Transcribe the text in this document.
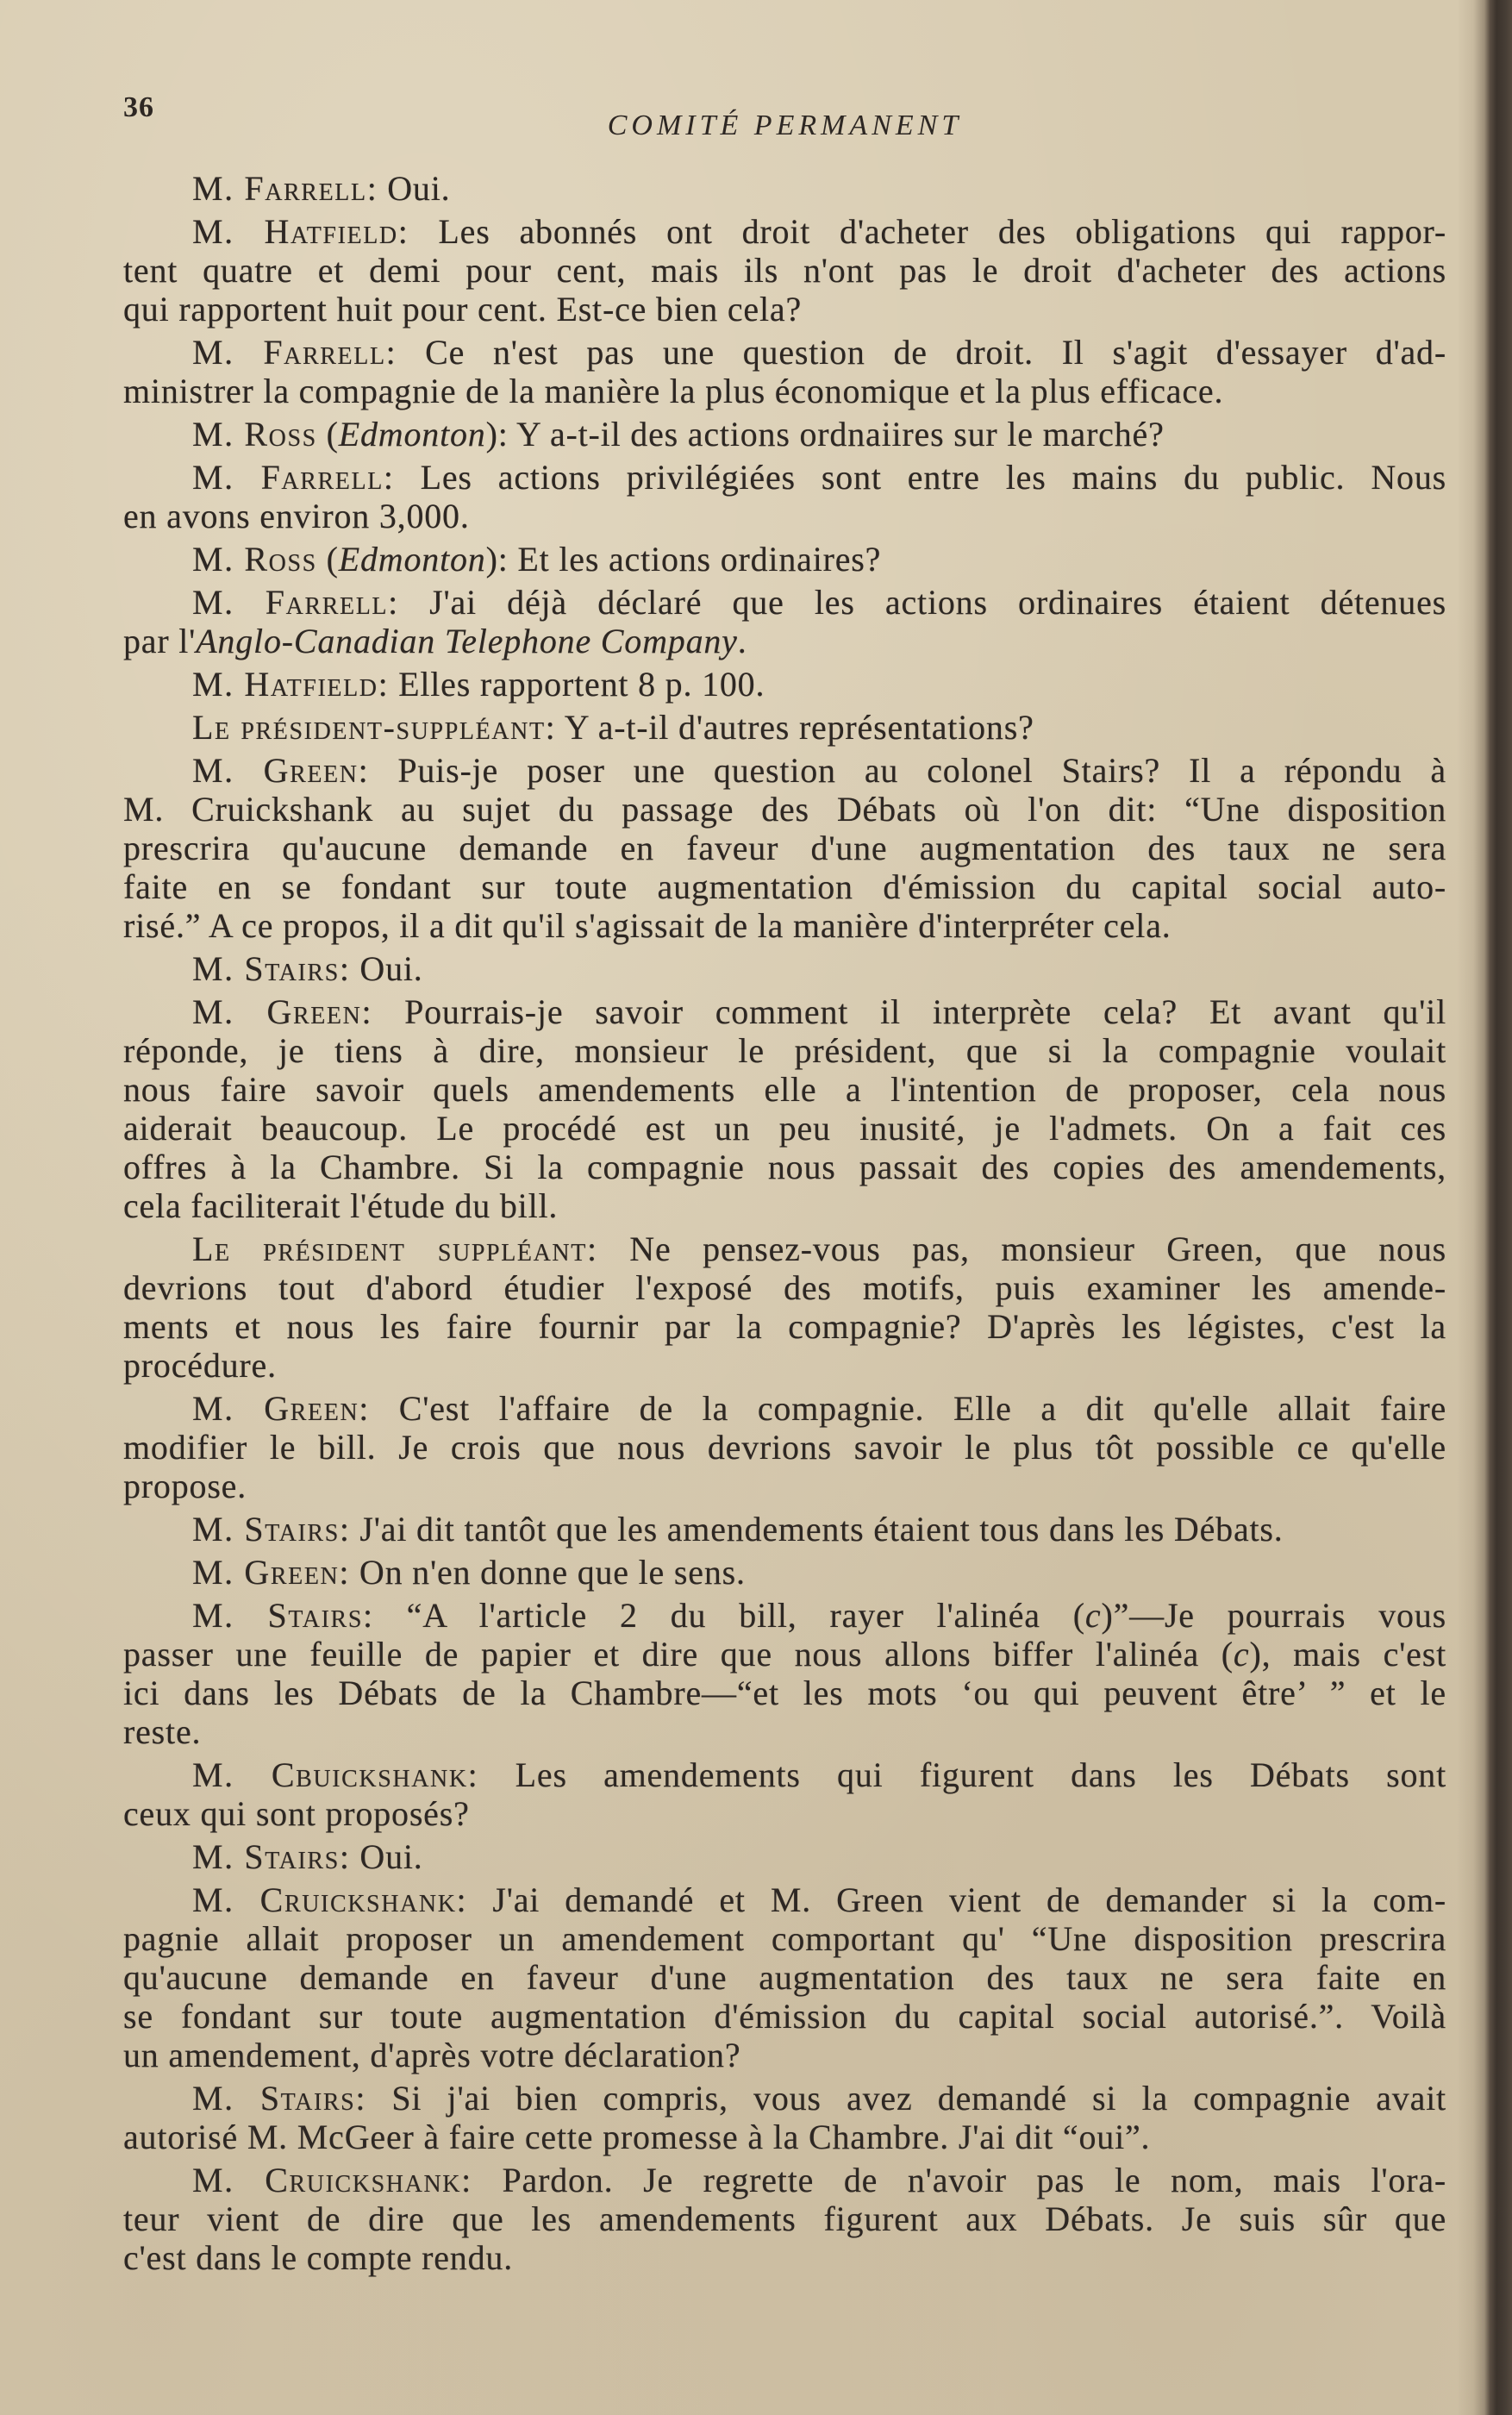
36
COMITÉ PERMANENT
M. Farrell: Oui.
M. Hatfield: Les abonnés ont droit d'acheter des obligations qui rappor-
tent quatre et demi pour cent, mais ils n'ont pas le droit d'acheter des actions
qui rapportent huit pour cent. Est-ce bien cela?
M. Farrell: Ce n'est pas une question de droit. Il s'agit d'essayer d'ad-
ministrer la compagnie de la manière la plus économique et la plus efficace.
M. Ross (Edmonton): Y a-t-il des actions ordnaiires sur le marché?
M. Farrell: Les actions privilégiées sont entre les mains du public. Nous
en avons environ 3,000.
M. Ross (Edmonton): Et les actions ordinaires?
M. Farrell: J'ai déjà déclaré que les actions ordinaires étaient détenues
par l'Anglo-Canadian Telephone Company.
M. Hatfield: Elles rapportent 8 p. 100.
Le président-suppléant: Y a-t-il d'autres représentations?
M. Green: Puis-je poser une question au colonel Stairs? Il a répondu à
M. Cruickshank au sujet du passage des Débats où l'on dit: “Une disposition
prescrira qu'aucune demande en faveur d'une augmentation des taux ne sera
faite en se fondant sur toute augmentation d'émission du capital social auto-
risé.” A ce propos, il a dit qu'il s'agissait de la manière d'interpréter cela.
M. Stairs: Oui.
M. Green: Pourrais-je savoir comment il interprète cela? Et avant qu'il
réponde, je tiens à dire, monsieur le président, que si la compagnie voulait
nous faire savoir quels amendements elle a l'intention de proposer, cela nous
aiderait beaucoup. Le procédé est un peu inusité, je l'admets. On a fait ces
offres à la Chambre. Si la compagnie nous passait des copies des amendements,
cela faciliterait l'étude du bill.
Le président suppléant: Ne pensez-vous pas, monsieur Green, que nous
devrions tout d'abord étudier l'exposé des motifs, puis examiner les amende-
ments et nous les faire fournir par la compagnie? D'après les légistes, c'est la
procédure.
M. Green: C'est l'affaire de la compagnie. Elle a dit qu'elle allait faire
modifier le bill. Je crois que nous devrions savoir le plus tôt possible ce qu'elle
propose.
M. Stairs: J'ai dit tantôt que les amendements étaient tous dans les Débats.
M. Green: On n'en donne que le sens.
M. Stairs: “A l'article 2 du bill, rayer l'alinéa (c)”—Je pourrais vous
passer une feuille de papier et dire que nous allons biffer l'alinéa (c), mais c'est
ici dans les Débats de la Chambre—“et les mots ‘ou qui peuvent être’ ” et le
reste.
M. Cbuickshank: Les amendements qui figurent dans les Débats sont
ceux qui sont proposés?
M. Stairs: Oui.
M. Cruickshank: J'ai demandé et M. Green vient de demander si la com-
pagnie allait proposer un amendement comportant qu' “Une disposition prescrira
qu'aucune demande en faveur d'une augmentation des taux ne sera faite en
se fondant sur toute augmentation d'émission du capital social autorisé.”. Voilà
un amendement, d'après votre déclaration?
M. Stairs: Si j'ai bien compris, vous avez demandé si la compagnie avait
autorisé M. McGeer à faire cette promesse à la Chambre. J'ai dit “oui”.
M. Cruickshank: Pardon. Je regrette de n'avoir pas le nom, mais l'ora-
teur vient de dire que les amendements figurent aux Débats. Je suis sûr que
c'est dans le compte rendu.
